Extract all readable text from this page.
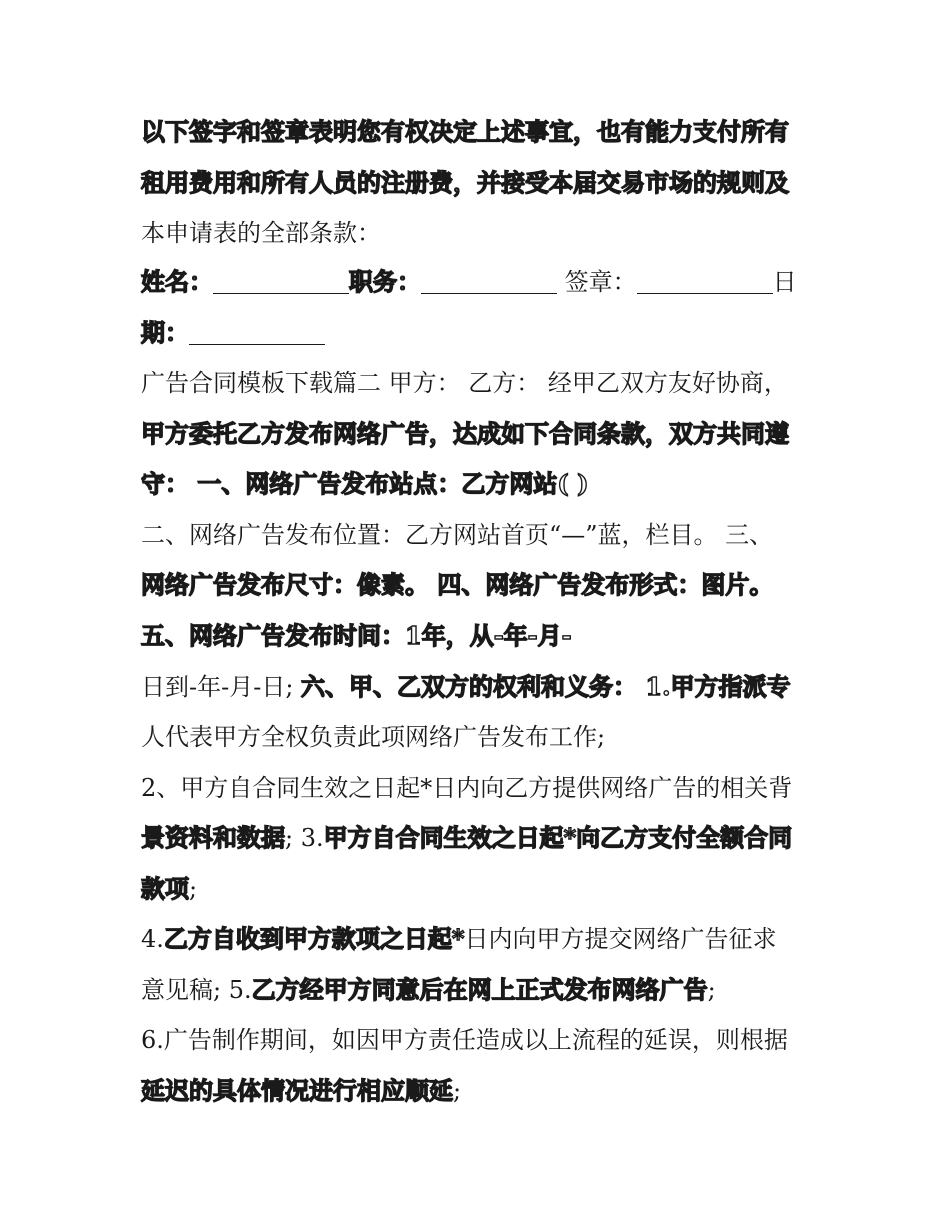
以下签字和签章表明您有权决定上述事宜，也有能力支付所有
租用费用和所有人员的注册费，并接受本届交易市场的规则及
本申请表的全部条款：
姓名：	职务：	签章：	日
期：
广告合同模板下载篇二 甲方： 乙方： 经甲乙双方友好协商，
甲方委托乙方发布网络广告，达成如下合同条款，双方共同遵
守： 一、网络广告发布站点：乙方网站( )
二、网络广告发布位置：乙方网站首页“—”蓝，栏目。 三、
网络广告发布尺寸：像素。 四、网络广告发布形式：图片。
五、网络广告发布时间：1年，从-年-月-
日到-年-月-日; 六、甲、乙双方的权利和义务： 1.甲方指派专
人代表甲方全权负责此项网络广告发布工作;
2、甲方自合同生效之日起*日内向乙方提供网络广告的相关背
景资料和数据; 3.甲方自合同生效之日起*向乙方支付全额合同
款项;
4.乙方自收到甲方款项之日起*日内向甲方提交网络广告征求
意见稿; 5.乙方经甲方同意后在网上正式发布网络广告;
6.广告制作期间，如因甲方责任造成以上流程的延误，则根据
延迟的具体情况进行相应顺延;
